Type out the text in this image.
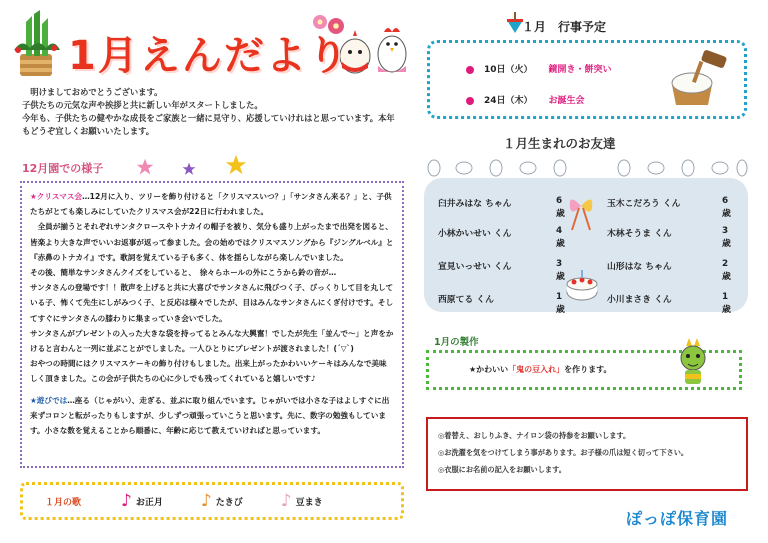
1月えんだより
　明けましておめでとうございます。
子供たちの元気な声や挨拶と共に新しい年がスタートしました。
今年も、子供たちの健やかな成長をご家族と一緒に見守り、応援していけれはと思っています。本年もどうぞ宜しくお願いいたします。
12月園での様子

★クリスマス会…12月に入り、ツリーを飾り付けると「クリスマスいつ？」「サンタさん来る？」と、子供たちがとても楽しみにしていたクリスマス会が22日に行われました。

　全員が揃うとそれぞれサンタクロースやトナカイの帽子を被り、気分も盛り上がったまで出発を図ると、皆楽より大きな声でいいお返事が返って参ました。会の始めではクリスマスソングから『ジングルベル』と『赤鼻のトナカイ』です。歌詞を覚えている子も多く、体を揺らしながら楽しんでいました。

その後、簡単なサンタさんクイズをしていると、　徐々らホールの外にこうから鈴の音が…

サンタさんの登場です！！散声を上げると共に大喜びでサンタさんに飛びつく子、びっくりして目を丸している子、怖くて先生にしがみつく子、と反応は様々でしたが、目はみんなサンタさんにくぎ付けです。そしてすぐにサンタさんの膝わりに集まっていき会いでした。

サンタさんがプレゼントの入った大きな袋を持ってるとみんな大興奮！でしたが先生「並んで〜」と声をかけると言わんと一列に並ぶことがでしました。一人ひとりにプレゼントが渡されました！(´▽`)

おやつの時間にはクリスマスケーキの飾り付けもしました。出来上がったかわいいケーキはみんなで美味しく頂きました。この会が子供たちの心に少しでも残ってくれていると嬉しいです♪

★遊びでは…座る（じゃがい）、走ぎる、並ぶに取り組んでいます。じゃがいでは小さな子はよしすぐに出来ずコロンと転がったりもしますが、少しずつ頑張っていこうと思います。先に、数字の勉強もしています。小さな数を覚えることから順番に、年齢に応じて教えていければと思っています。

１月の歌 ♪ お正月 ♪ たきび ♪ 豆まき
１月　行事予定
10日（火） 鏡開き・餅突い
24日（木） お誕生会
１月生まれのお友達
臼井みはな ちゃん	6歳
玉木こだろう くん	6歳
小林かいせい くん	4歳
木林そうま くん	3歳
宣見いっせい くん	3歳
山形はな ちゃん	2歳
西原てる くん	1歳
小川まさき くん	1歳
1月の製作
★かわいい「鬼の豆入れ」を作ります。

◎着替え、おしりふき、ナイロン袋の持参をお願いします。

◎お洗濯を気をつけてしまう事があります。お子様の爪は短く切って下さい。

◎衣服にお名前の記入をお願いします。

ぽっぽ保育園
